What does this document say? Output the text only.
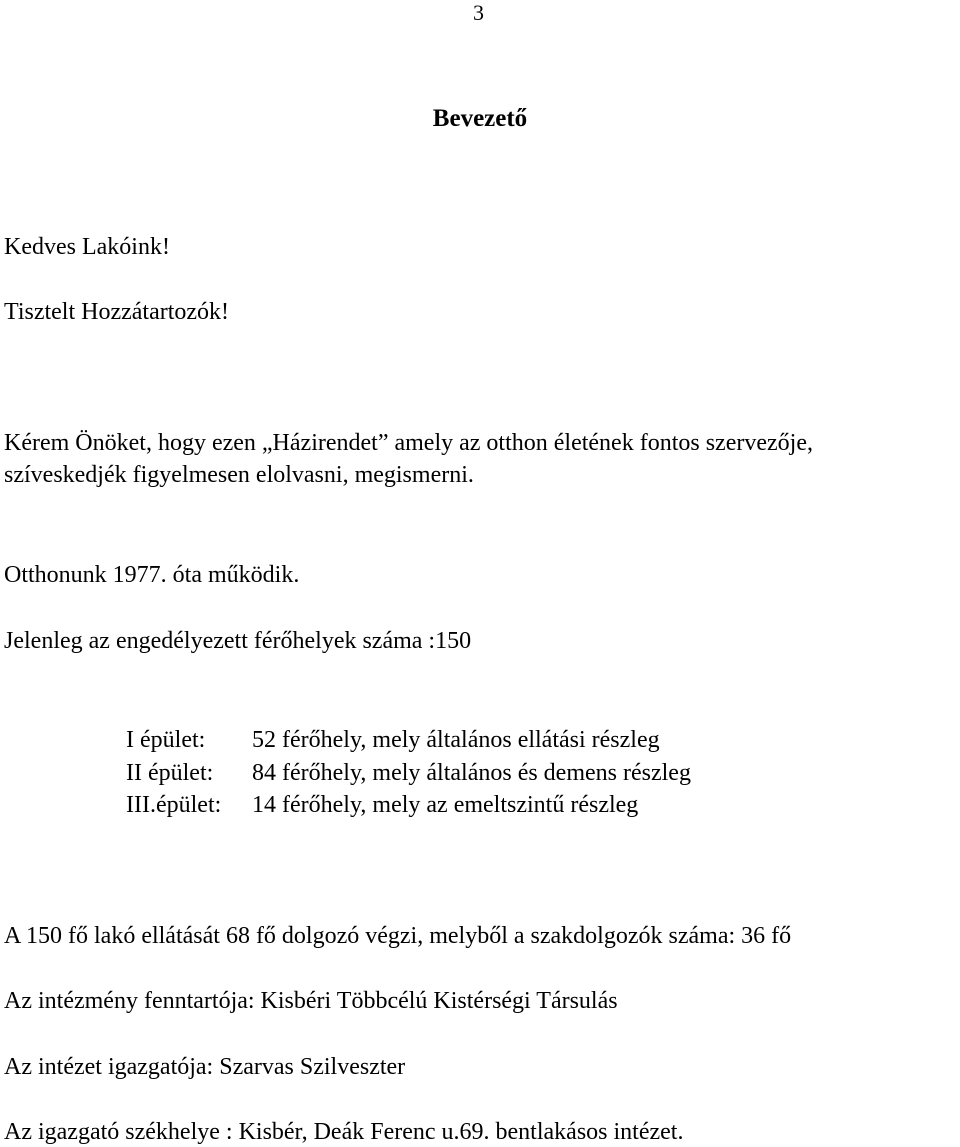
3

Bevezető

Kedves Lakóink!

Tisztelt Hozzátartozók!

Kérem Önöket, hogy ezen „Házirendet” amely az otthon életének fontos szervezője,

szíveskedjék figyelmesen elolvasni, megismerni.

Otthonunk 1977. óta működik.

Jelenleg az engedélyezett férőhelyek száma :150

I épület:	52 férőhely, mely általános ellátási részleg
II épület:	84 férőhely, mely általános és demens részleg
III.épület:	14 férőhely, mely az emeltszintű részleg

A 150 fő lakó ellátását 68 fő dolgozó végzi, melyből a szakdolgozók száma: 36 fő

Az intézmény fenntartója: Kisbéri Többcélú Kistérségi Társulás

Az intézet igazgatója: Szarvas Szilveszter

Az igazgató székhelye : Kisbér, Deák Ferenc u.69. bentlakásos intézet.
